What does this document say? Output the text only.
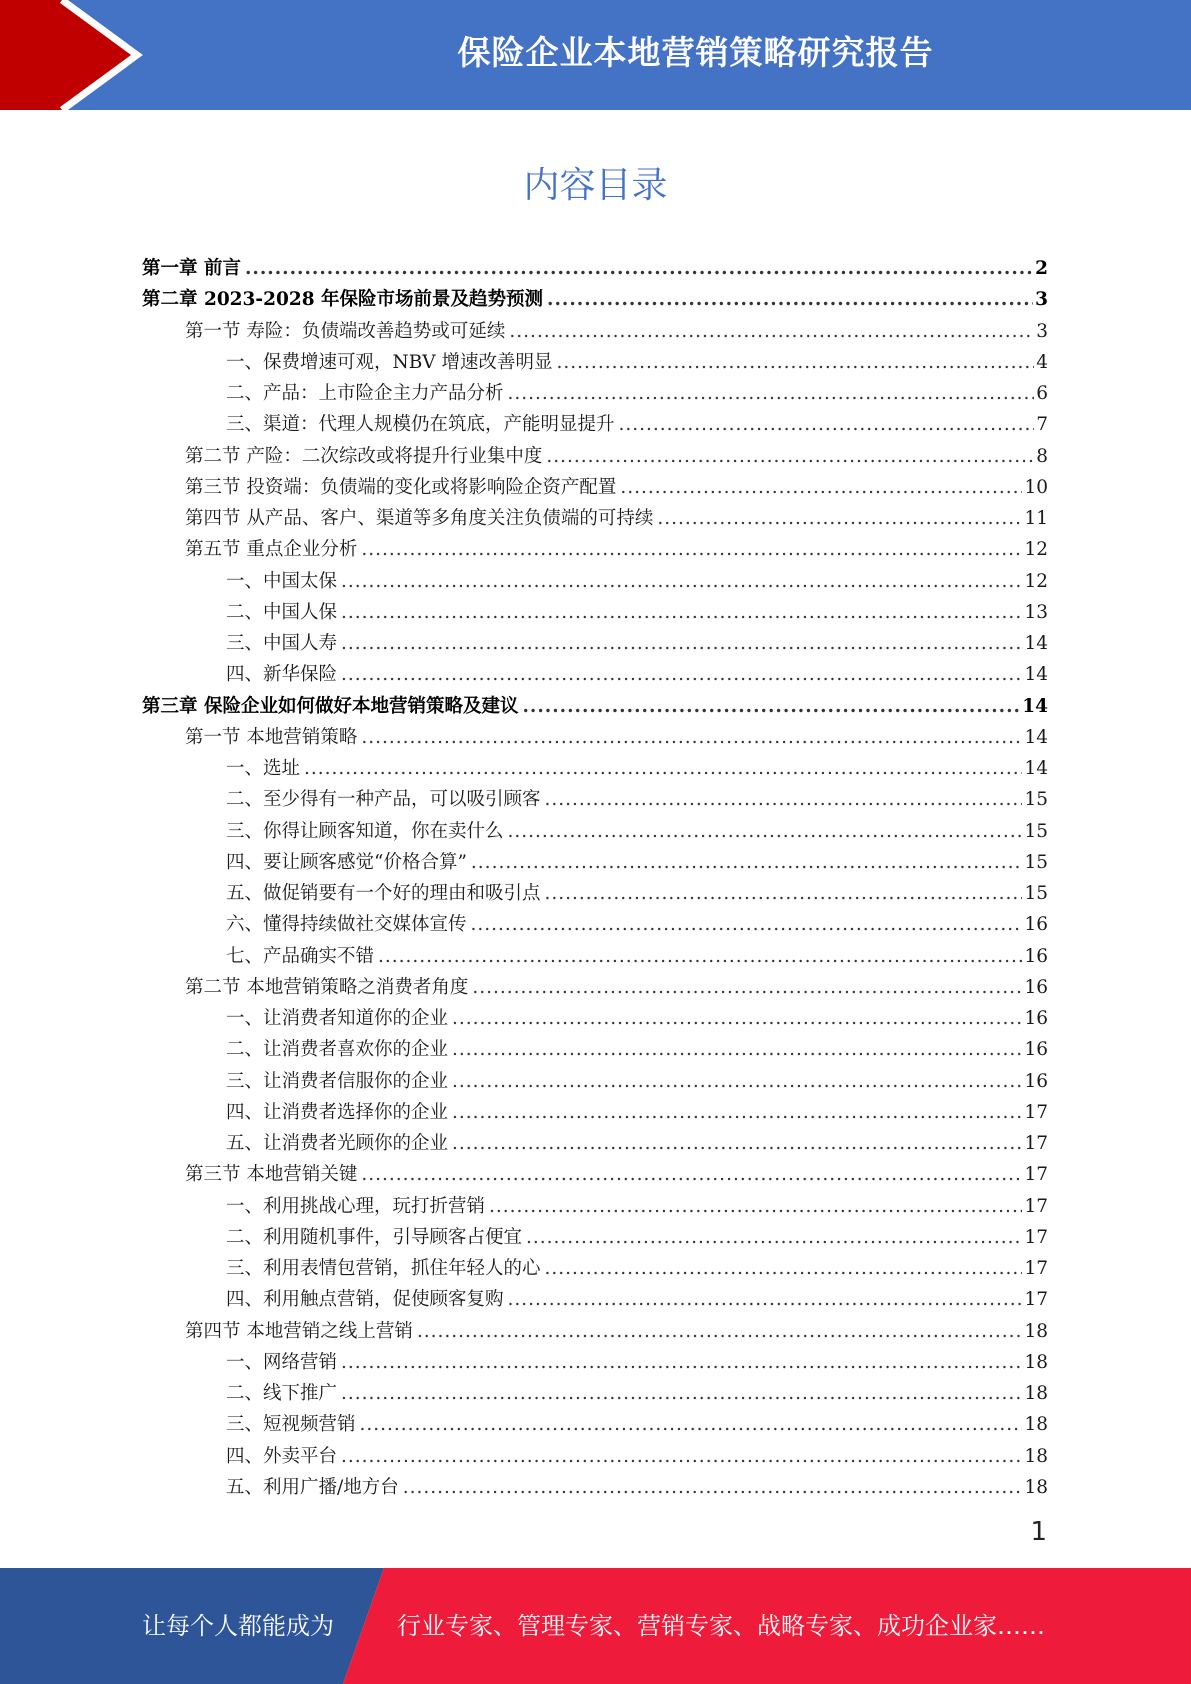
保险企业本地营销策略研究报告
内容目录
第一章 前言 .....	2
第二章 2023-2028 年保险市场前景及趋势预测 .....	3
第一节 寿险：负债端改善趋势或可延续 .....	3
一、保费增速可观，NBV 增速改善明显 .....	4
二、产品：上市险企主力产品分析 .....	6
三、渠道：代理人规模仍在筑底，产能明显提升 .....	7
第二节 产险：二次综改或将提升行业集中度 .....	8
第三节 投资端：负债端的变化或将影响险企资产配置 .....	10
第四节 从产品、客户、渠道等多角度关注负债端的可持续 .....	11
第五节 重点企业分析 .....	12
一、中国太保 .....	12
二、中国人保 .....	13
三、中国人寿 .....	14
四、新华保险 .....	14
第三章 保险企业如何做好本地营销策略及建议 .....	14
第一节 本地营销策略 .....	14
一、选址 .....	14
二、至少得有一种产品，可以吸引顾客 .....	15
三、你得让顾客知道，你在卖什么 .....	15
四、要让顾客感觉“价格合算” .....	15
五、做促销要有一个好的理由和吸引点 .....	15
六、懂得持续做社交媒体宣传 .....	16
七、产品确实不错 .....	16
第二节 本地营销策略之消费者角度 .....	16
一、让消费者知道你的企业 .....	16
二、让消费者喜欢你的企业 .....	16
三、让消费者信服你的企业 .....	16
四、让消费者选择你的企业 .....	17
五、让消费者光顾你的企业 .....	17
第三节 本地营销关键 .....	17
一、利用挑战心理，玩打折营销 .....	17
二、利用随机事件，引导顾客占便宜 .....	17
三、利用表情包营销，抓住年轻人的心 .....	17
四、利用触点营销，促使顾客复购 .....	17
第四节 本地营销之线上营销 .....	18
一、网络营销 .....	18
二、线下推广 .....	18
三、短视频营销 .....	18
四、外卖平台 .....	18
五、利用广播/地方台 .....	18
1
让每个人都能成为	行业专家、管理专家、营销专家、战略专家、成功企业家……
